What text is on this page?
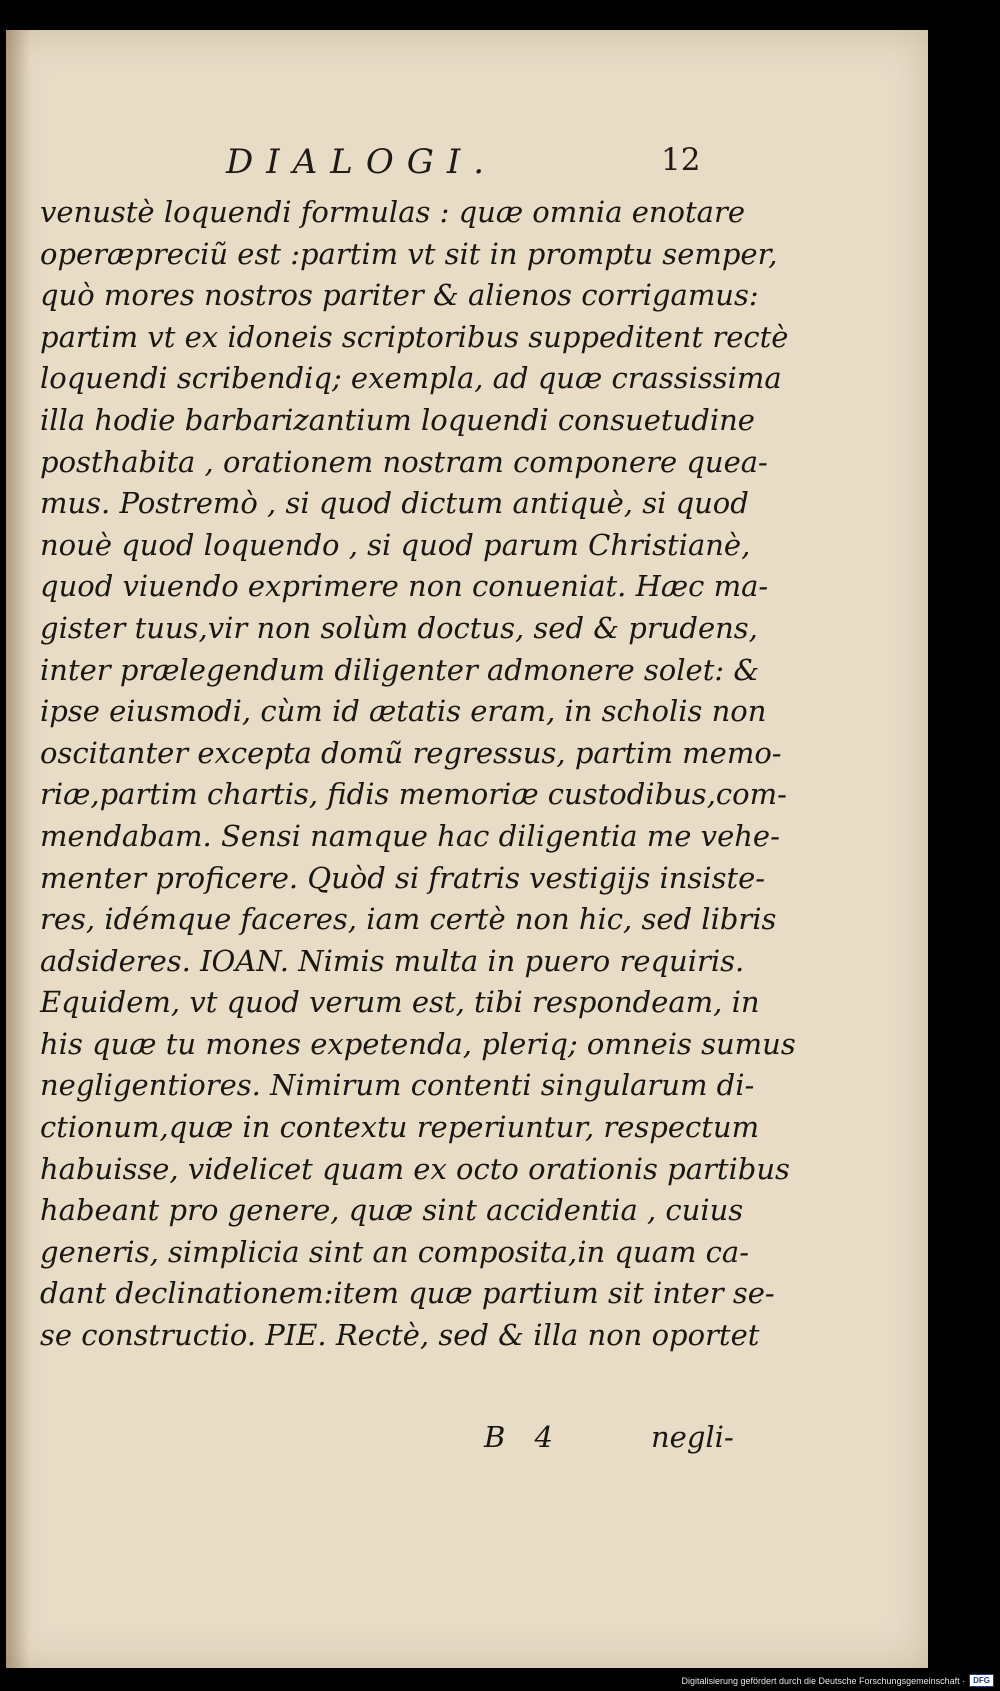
DIALOGI.	12
venustè loquendi formulas : quæ omnia enotare
operæpreciũ est :partim vt sit in promptu semper,
quò mores nostros pariter & alienos corrigamus:
partim vt ex idoneis scriptoribus suppeditent rectè
loquendi scribendiq; exempla, ad quæ crassissima
illa hodie barbarizantium loquendi consuetudine
posthabita , orationem nostram componere quea-
mus. Postremò , si quod dictum antiquè, si quod
nouè quod loquendo , si quod parum Christianè,
quod viuendo exprimere non conueniat. Hæc ma-
gister tuus,vir non solùm doctus, sed & prudens,
inter prælegendum diligenter admonere solet: &
ipse eiusmodi, cùm id ætatis eram, in scholis non
oscitanter excepta domũ regressus, partim memo-
riæ,partim chartis, fidis memoriæ custodibus,com-
mendabam. Sensi namque hac diligentia me vehe-
menter proficere. Quòd si fratris vestigijs insiste-
res, idémque faceres, iam certè non hic, sed libris
adsideres. IOAN. Nimis multa in puero requiris.
Equidem, vt quod verum est, tibi respondeam, in
his quæ tu mones expetenda, pleriq; omneis sumus
negligentiores. Nimirum contenti singularum di-
ctionum,quæ in contextu reperiuntur, respectum
habuisse, videlicet quam ex octo orationis partibus
habeant pro genere, quæ sint accidentia , cuius
generis, simplicia sint an composita,in quam ca-
dant declinationem:item quæ partium sit inter se-
se constructio. PIE. Rectè, sed & illa non oportet
B 4	negli-
Digitalisierung gefördert durch die Deutsche Forschungsgemeinschaft ·	DFG
